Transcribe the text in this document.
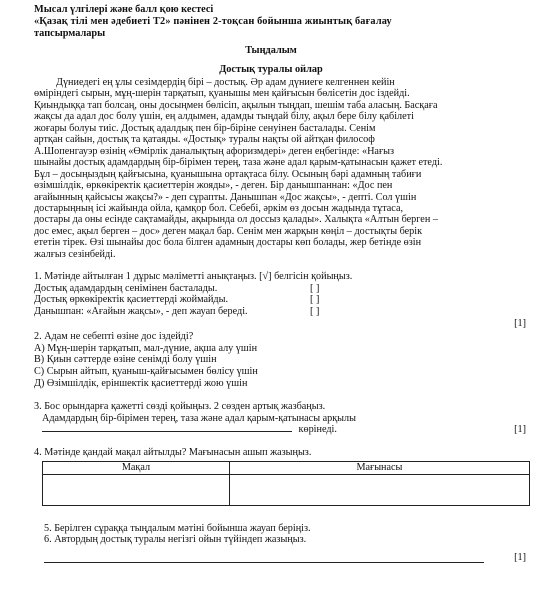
Мысал үлгілері және балл қою кестесі
«Қазақ тілі мен әдебиеті Т2» пәнінен 2-тоқсан бойынша жиынтық бағалау
тапсырмалары
Тыңдалым
Достық туралы ойлар
Дүниедегі ең ұлы сезімдердің бірі – достық. Әр адам дүниеге келгеннен кейін
өміріндегі сырын, мұң-шерін тарқатып, қуанышы мен қайғысын бөлісетін дос іздейді.
Қиындыққа тап болсаң, оны досыңмен бөлісіп, ақылын тыңдап, шешім таба аласың. Басқаға
жақсы да адал дос болу үшін, ең алдымен, адамды тыңдай білу, ақыл бере білу қабілеті
жоғары болуы тиіс. Достық адалдық пен бір-біріне сенуінен басталады. Сенім
артқан сайын, достық та қатаяды. «Достық» туралы нақты ой айтқан философ
А.Шопенгауэр өзінің «Өмірлік даналықтың афоризмдері» деген еңбегінде: «Нағыз
шынайы достық адамдардың бір-бірімен терең, таза және адал қарым-қатынасын қажет етеді.
Бұл – досыңыздың қайғысына, қуанышына ортақтаса білу. Осының бәрі адамның табиғи
өзімшілдік, өркөкіректік қасиеттерін жояды», - деген. Бір данышпаннан: «Дос пен
ағайынның қайсысы жақсы?» - деп сұрапты. Данышпан «Дос жақсы», - депті. Сол үшін
достарыңның ісі жайында ойла, қамқор бол. Себебі, әркім өз досын жадында тұтаса,
достары да оны есінде сақтамайды, ақырында ол доссыз қалады». Халықта «Алтын берген –
дос емес, ақыл берген – дос» деген мақал бар. Сенім мен жарқын көңіл – достықты берік
ететін тірек. Өзі шынайы дос бола білген адамның достары көп болады, жер бетінде өзін
жалғыз сезінбейді.
1. Мәтінде айтылған 1 дұрыс мәліметті анықтаңыз. [√] белгісін қойыңыз.
Достық адамдардың сенімінен басталады.	[ ]
Достық өркөкіректік қасиеттерді жоймайды.	[ ]
Данышпан: «Ағайын жақсы», - деп жауап береді.	[ ]
[1]
2. Адам не себепті өзіне дос іздейді?
A) Мұң-шерін тарқатып, мал-дүние, ақша алу үшін
B) Қиын сәттерде өзіне сенімді болу үшін
C) Сырын айтып, қуаныш-қайғысымен бөлісу үшін
Д) Өзімшілдік, еріншектік қасиеттерді жою үшін
3. Бос орындарға қажетті сөзді қойыңыз. 2 сөзден артық жазбаңыз.
Адамдардың бір-бірімен терең, таза және адал қарым-қатынасы арқылы
көрінеді.	[1]
4. Мәтінде қандай мақал айтылды? Мағынасын ашып жазыңыз.
Мақал	Мағынасы

5. Берілген сұраққа тыңдалым мәтіні бойынша жауап беріңіз.
6. Автордың достық туралы негізгі ойын түйіндеп жазыңыз.
[1]
